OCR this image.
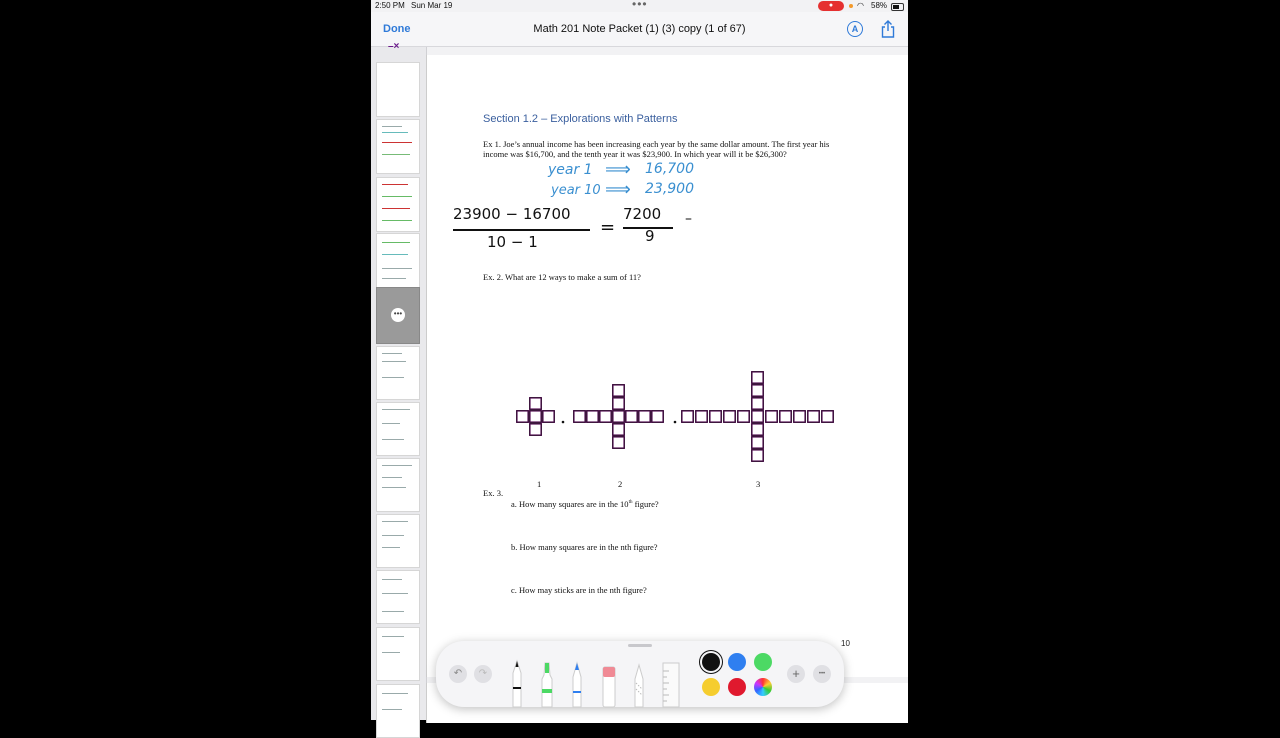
2:50 PM Sun Mar 19	•••	●	◠ 58%
Done	Math 201 Note Packet (1) (3) copy (1 of 67)	A
–×
•••
Section 1.2 – Explorations with Patterns
Ex 1. Joe’s annual income has been increasing each year by the same dollar amount. The first year his income was $16,700, and the tenth year it was $23,900. In which year will it be $26,300?
year 1 ⟹ 16,700
year 10 ⟹ 23,900
23900 − 16700
10 − 1
=
7200
9
–
Ex. 2. What are 12 ways to make a sum of 11?
1	2	3
Ex. 3.
a. How many squares are in the 10th figure?
b. How many squares are in the nth figure?
c. How may sticks are in the nth figure?
10
↶	↷	+	•••
